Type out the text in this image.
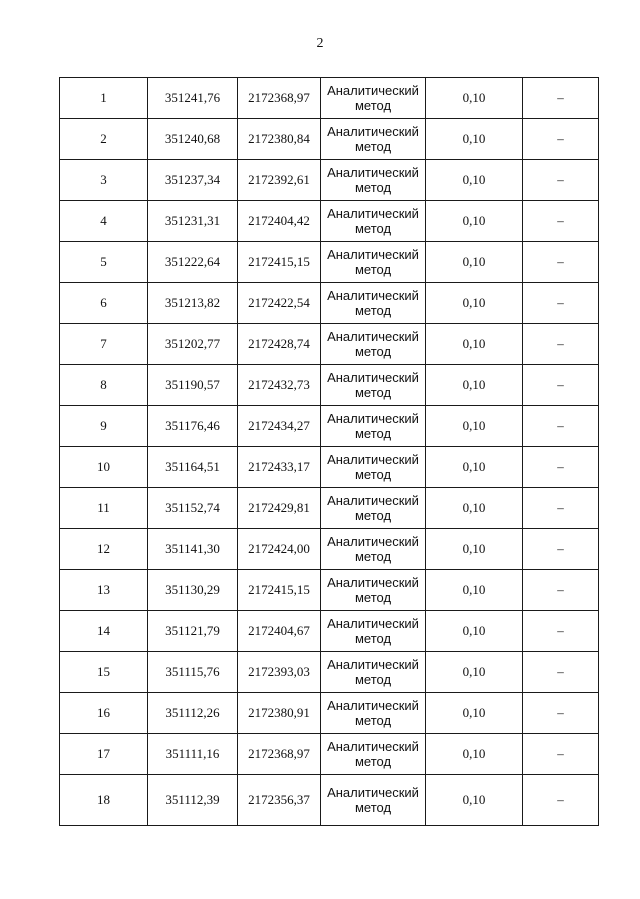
2
1	351241,76	2172368,97	Аналитический
метод	0,10	–
2	351240,68	2172380,84	Аналитический
метод	0,10	–
3	351237,34	2172392,61	Аналитический
метод	0,10	–
4	351231,31	2172404,42	Аналитический
метод	0,10	–
5	351222,64	2172415,15	Аналитический
метод	0,10	–
6	351213,82	2172422,54	Аналитический
метод	0,10	–
7	351202,77	2172428,74	Аналитический
метод	0,10	–
8	351190,57	2172432,73	Аналитический
метод	0,10	–
9	351176,46	2172434,27	Аналитический
метод	0,10	–
10	351164,51	2172433,17	Аналитический
метод	0,10	–
11	351152,74	2172429,81	Аналитический
метод	0,10	–
12	351141,30	2172424,00	Аналитический
метод	0,10	–
13	351130,29	2172415,15	Аналитический
метод	0,10	–
14	351121,79	2172404,67	Аналитический
метод	0,10	–
15	351115,76	2172393,03	Аналитический
метод	0,10	–
16	351112,26	2172380,91	Аналитический
метод	0,10	–
17	351111,16	2172368,97	Аналитический
метод	0,10	–
18	351112,39	2172356,37	Аналитический
метод	0,10	–
